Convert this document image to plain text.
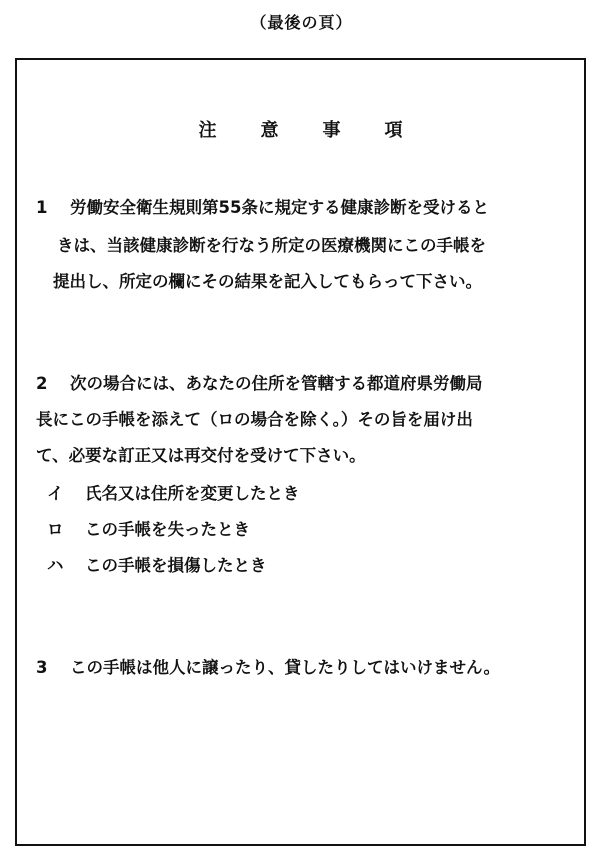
（最後の頁）
注意事項
1 労働安全衛生規則第55条に規定する健康診断を受けると
きは、当該健康診断を行なう所定の医療機関にこの手帳を
提出し、所定の欄にその結果を記入してもらって下さい。
2 次の場合には、あなたの住所を管轄する都道府県労働局
長にこの手帳を添えて（ロの場合を除く。）その旨を届け出
て、必要な訂正又は再交付を受けて下さい。
イ 氏名又は住所を変更したとき
ロ この手帳を失ったとき
ハ この手帳を損傷したとき
3 この手帳は他人に譲ったり、貸したりしてはいけません。
